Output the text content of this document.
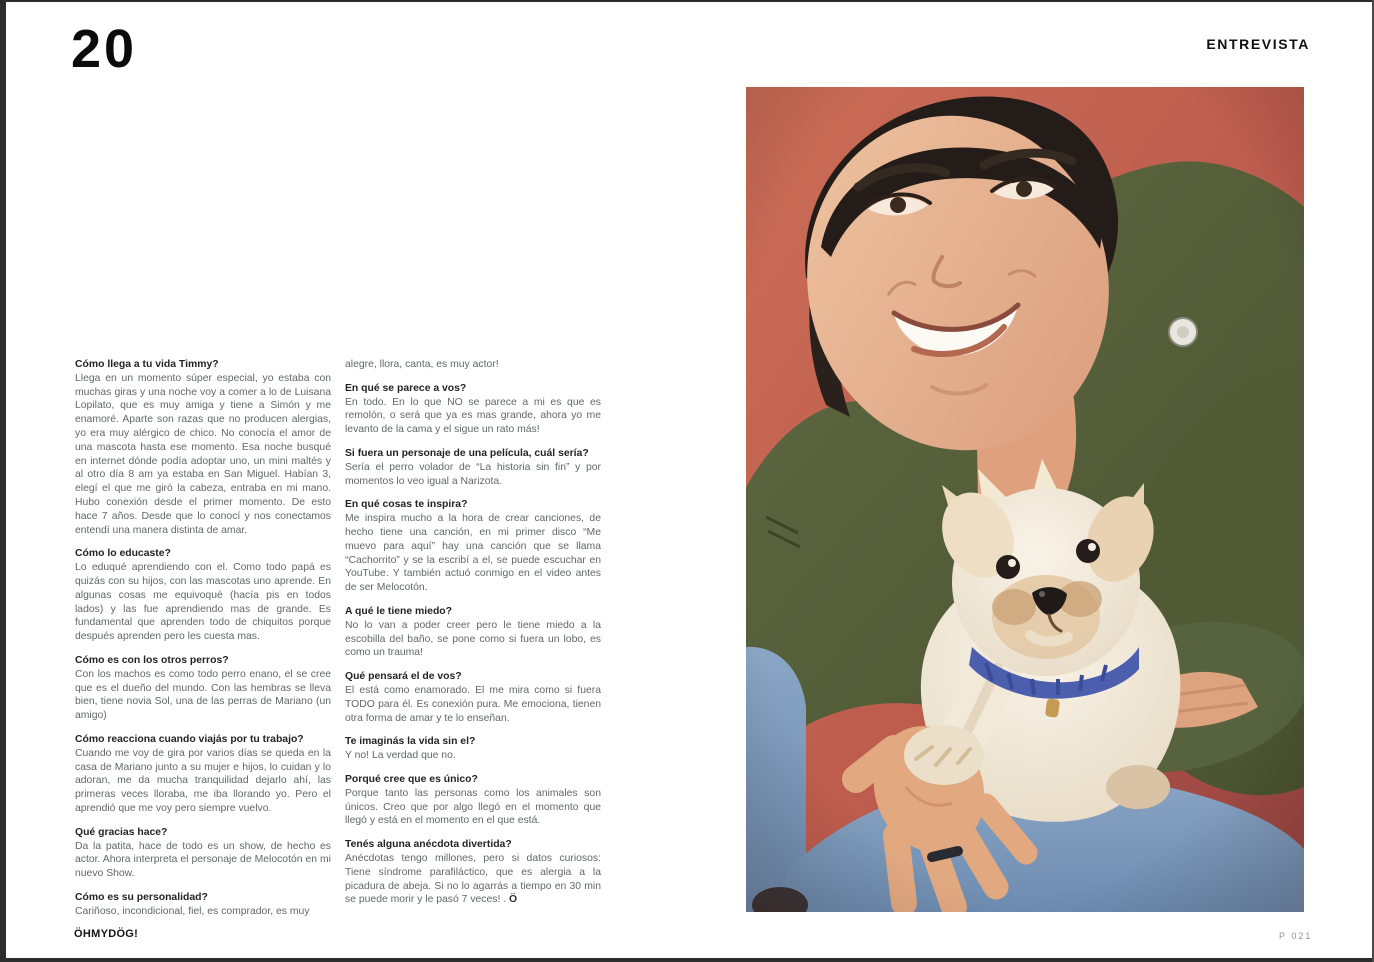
20	ENTREVISTA

Cómo llega a tu vida Timmy?

Llega en un momento súper especial, yo estaba con muchas giras y una noche voy a comer a lo de Luisana Lopilato, que es muy amiga y tiene a Simón y me enamoré. Aparte son razas que no producen alergias, yo era muy alérgico de chico. No conocía el amor de una mascota hasta ese momento. Esa noche busqué en internet dónde podía adoptar uno, un mini maltés y al otro día 8 am ya estaba en San Miguel. Habían 3, elegí el que me giró la cabeza, entraba en mi mano. Hubo conexión desde el primer momento. De esto hace 7 años. Desde que lo conocí y nos conectamos entendí una manera distinta de amar.

Cómo lo educaste?

Lo eduqué aprendiendo con el. Como todo papá es quizás con su hijos, con las mascotas uno aprende. En algunas cosas me equivoqué (hacía pis en todos lados) y las fue aprendiendo mas de grande. Es fundamental que aprenden todo de chiquitos porque después aprenden pero les cuesta mas.

Cómo es con los otros perros?

Con los machos es como todo perro enano, el se cree que es el dueño del mundo. Con las hembras se lleva bien, tiene novia Sol, una de las perras de Mariano (un amigo)

Cómo reacciona cuando viajás por tu trabajo?

Cuando me voy de gira por varios días se queda en la casa de Mariano junto a su mujer e hijos, lo cuidan y lo adoran, me da mucha tranquilidad dejarlo ahí, las primeras veces lloraba, me iba llorando yo. Pero el aprendió que me voy pero siempre vuelvo.

Qué gracias hace?

Da la patita, hace de todo es un show, de hecho es actor. Ahora interpreta el personaje de Melocotón en mi nuevo Show.

Cómo es su personalidad?

Cariñoso, incondicional, fiel, es comprador, es muy

alegre, llora, canta, es muy actor!

En qué se parece a vos?

En todo. En lo que NO se parece a mi es que es remolón, o será que ya es mas grande, ahora yo me levanto de la cama y el sigue un rato más!

Si fuera un personaje de una película, cuál sería?

Sería el perro volador de “La historia sin fin” y por momentos lo veo igual a Narizota.

En qué cosas te inspira?

Me inspira mucho a la hora de crear canciones, de hecho tiene una canción, en mi primer disco “Me muevo para aquí” hay una canción que se llama “Cachorrito” y se la escribí a el, se puede escuchar en YouTube. Y también actuó conmigo en el video antes de ser Melocotón.

A qué le tiene miedo?

No lo van a poder creer pero le tiene miedo a la escobilla del baño, se pone como si fuera un lobo, es como un trauma!

Qué pensará el de vos?

El está como enamorado. El me mira como si fuera TODO para él. Es conexión pura. Me emociona, tienen otra forma de amar y te lo enseñan.

Te imaginás la vida sin el?

Y no! La verdad que no.

Porqué cree que es único?

Porque tanto las personas como los animales son únicos. Creo que por algo llegó en el momento que llegó y está en el momento en el que está.

Tenés alguna anécdota divertida?

Anécdotas tengo millones, pero si datos curiosos: Tiene síndrome parafiláctico, que es alergia a la picadura de abeja. Si no lo agarrás a tiempo en 30 min se puede morir y le pasó 7 veces! . Ö

ÖHMYDÖG!	P 021
